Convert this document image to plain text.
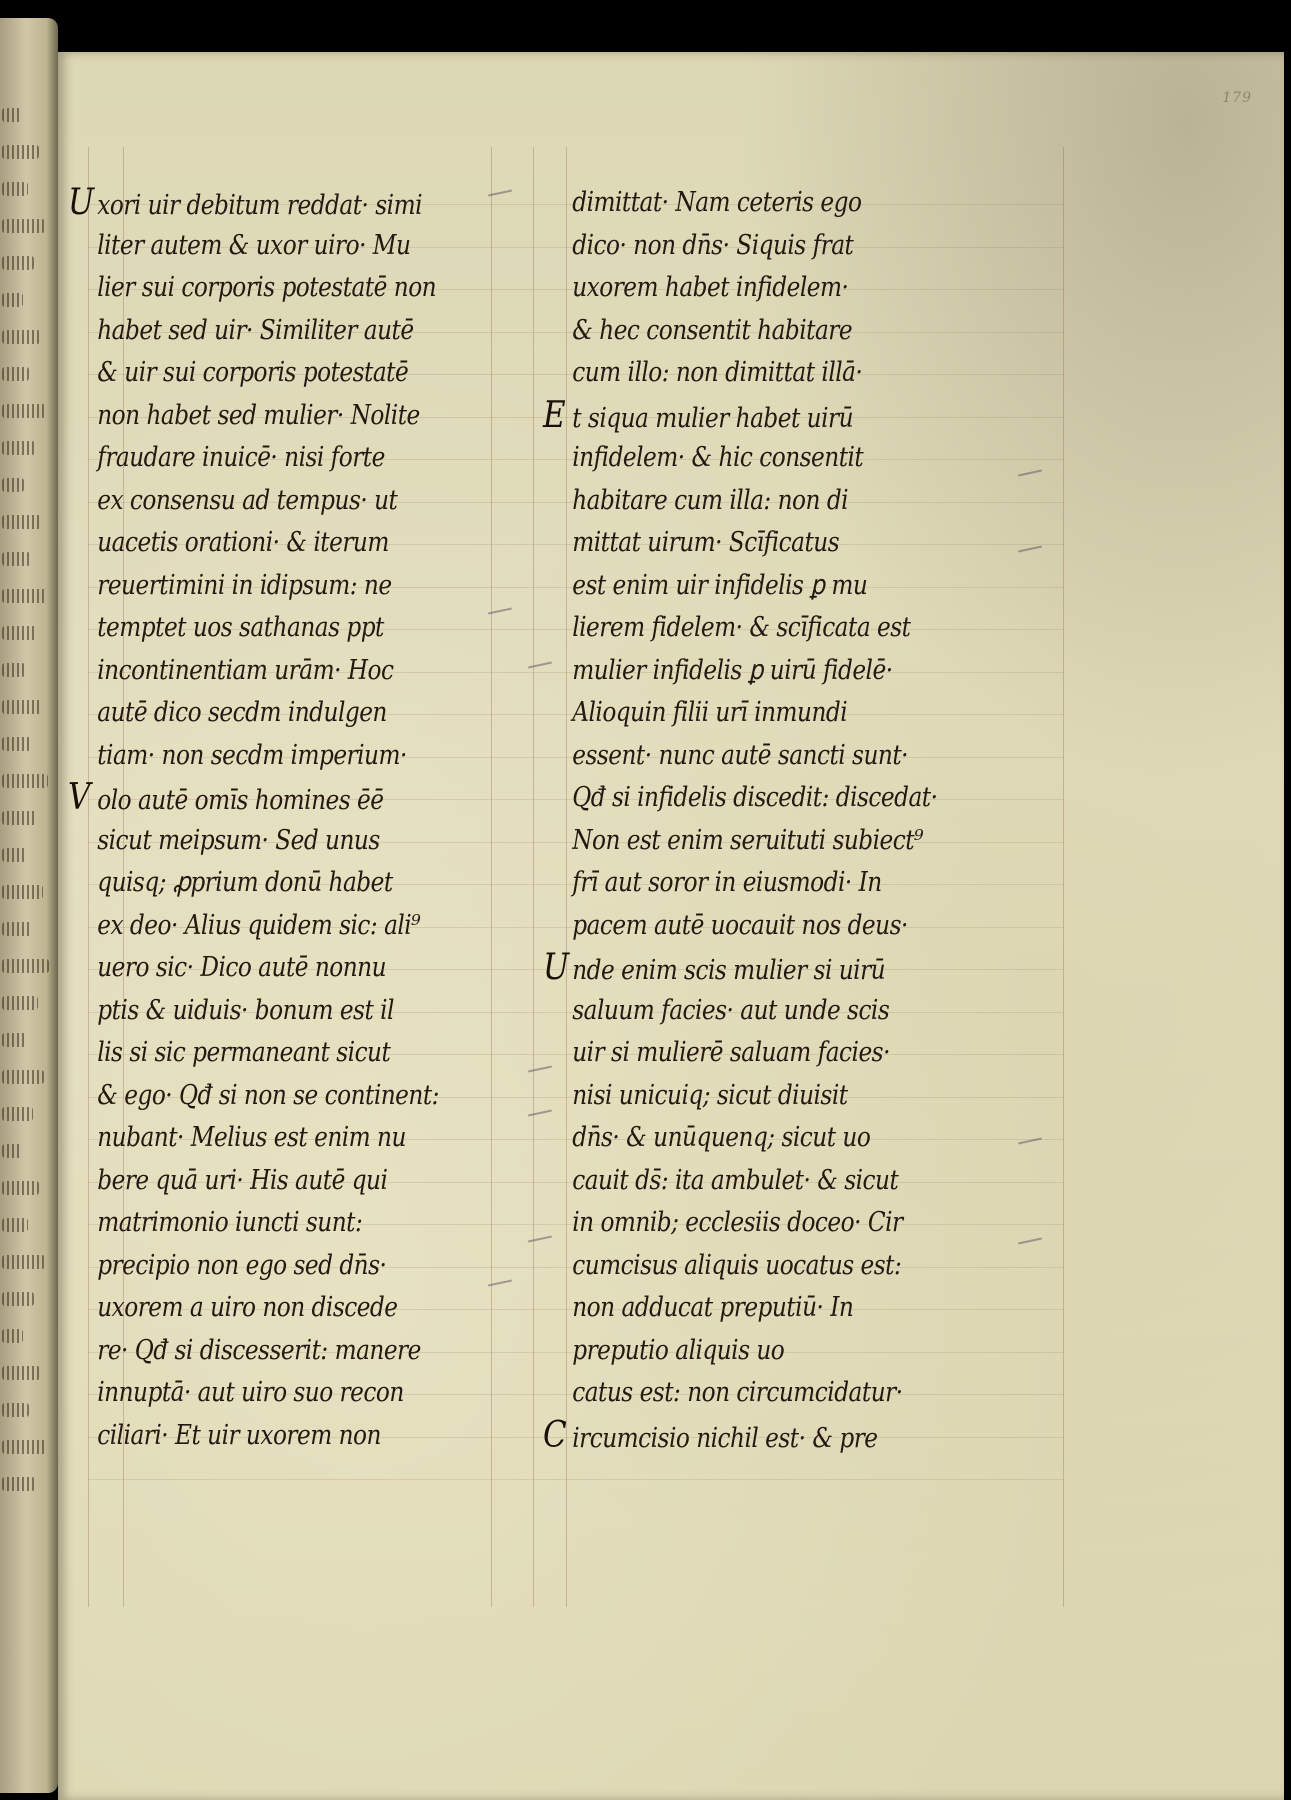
179
U xori uir debitum reddat· simi
liter autem & uxor uiro· Mu
lier sui corporis potestatē non
habet sed uir· Similiter autē
& uir sui corporis potestatē
non habet sed mulier· Nolite
fraudare inuicē· nisi forte
ex consensu ad tempus· ut
uacetis orationi· & iterum
reuertimini in idipsum: ne
temptet uos sathanas ppt
incontinentiam urām· Hoc
autē dico secdm indulgen
tiam· non secdm imperium·
V olo autē omīs homines ēē
sicut meipsum· Sed unus
quisq; ꝓprium donū habet
ex deo· Alius quidem sic: ali⁹
uero sic· Dico autē nonnu
ptis & uiduis· bonum est il
lis si sic permaneant sicut
& ego· Qđ si non se continent:
nubant· Melius est enim nu
bere quā uri· His autē qui
matrimonio iuncti sunt:
precipio non ego sed dn̄s·
uxorem a uiro non discede
re· Qđ si discesserit: manere
innuptā· aut uiro suo recon
ciliari· Et uir uxorem non
dimittat· Nam ceteris ego
dico· non dn̄s· Siquis frat
uxorem habet infidelem·
& hec consentit habitare
cum illo: non dimittat illā·
E t siqua mulier habet uirū
infidelem· & hic consentit
habitare cum illa: non di
mittat uirum· Scīficatus
est enim uir infidelis ꝑ mu
lierem fidelem· & scīficata est
mulier infidelis ꝑ uirū fidelē·
Alioquin filii urī inmundi
essent· nunc autē sancti sunt·
Qđ si infidelis discedit: discedat·
Non est enim seruituti subiect⁹
frī aut soror in eiusmodi· In
pacem autē uocauit nos deus·
U nde enim scis mulier si uirū
saluum facies· aut unde scis
uir si mulierē saluam facies·
nisi unicuiq; sicut diuisit
dn̄s· & unūquenq; sicut uo
cauit ds̄: ita ambulet· & sicut
in omnib; ecclesiis doceo· Cir
cumcisus aliquis uocatus est:
non adducat preputiū· In
preputio aliquis uo
catus est: non circumcidatur·
C ircumcisio nichil est· & pre
